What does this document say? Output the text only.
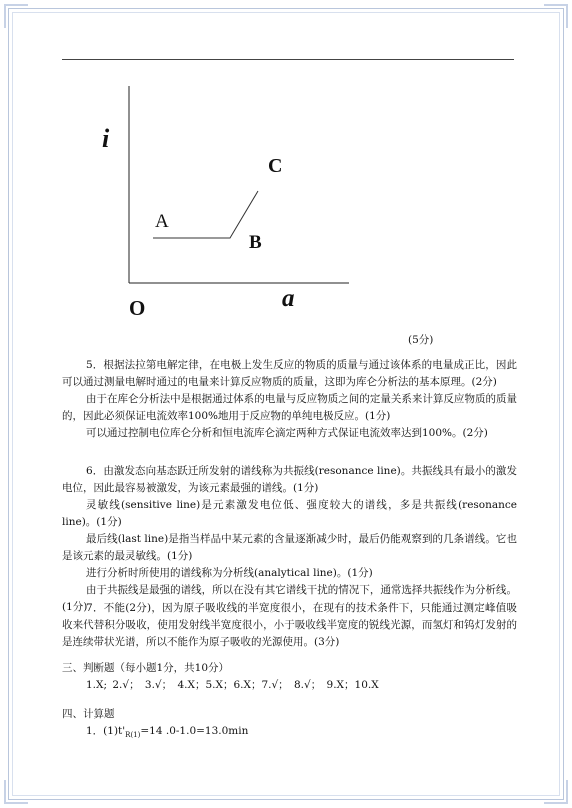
i
C
A
B
O	a
(5分)

5．根据法拉第电解定律，在电极上发生反应的物质的质量与通过该体系的电量成正比，因此可以通过测量电解时通过的电量来计算反应物质的质量，这即为库仑分析法的基本原理。(2分)

由于在库仑分析法中是根据通过体系的电量与反应物质之间的定量关系来计算反应物质的质量的，因此必须保证电流效率100%地用于反应物的单纯电极反应。(1分)

可以通过控制电位库仑分析和恒电流库仑滴定两种方式保证电流效率达到100%。(2分)

6．由激发态向基态跃迁所发射的谱线称为共振线(resonance line)。共振线具有最小的激发电位，因此最容易被激发，为该元素最强的谱线。(1分)

灵敏线(sensitive line)是元素激发电位低、强度较大的谱线，多是共振线(resonance line)。(1分)

最后线(last line)是指当样品中某元素的含量逐渐减少时，最后仍能观察到的几条谱线。它也是该元素的最灵敏线。(1分)

进行分析时所使用的谱线称为分析线(analytical line)。(1分)

由于共振线是最强的谱线，所以在没有其它谱线干扰的情况下，通常选择共振线作为分析线。(1分)

7．不能(2分)，因为原子吸收线的半宽度很小，在现有的技术条件下，只能通过测定峰值吸收来代替积分吸收，使用发射线半宽度很小，小于吸收线半宽度的锐线光源，而氢灯和钨灯发射的是连续带状光谱，所以不能作为原子吸收的光源使用。(3分)

三、判断题（每小题1分，共10分）
1.X; 2.√； 3.√； 4.X；5.X；6.X；7.√； 8.√； 9.X；10.X
四、计算题
1．$(1)t'_{R(1)}=14$ .0-1.0=13.0min
